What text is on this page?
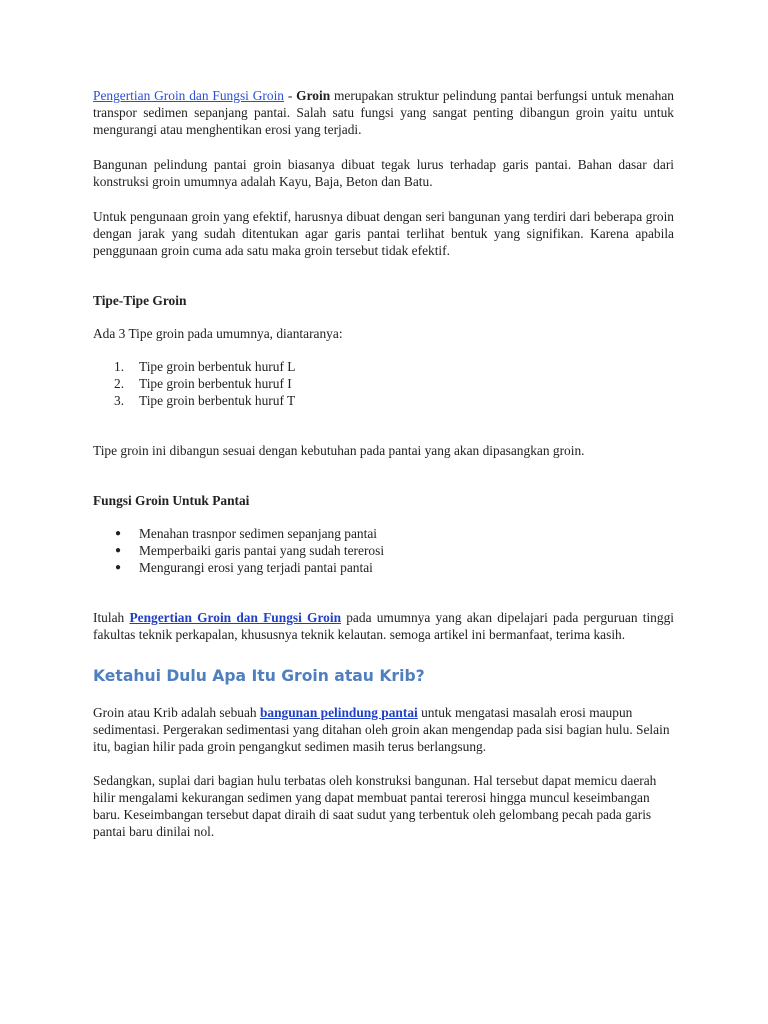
Pengertian Groin dan Fungsi Groin - Groin merupakan struktur pelindung pantai berfungsi untuk menahan transpor sedimen sepanjang pantai. Salah satu fungsi yang sangat penting dibangun groin yaitu untuk mengurangi atau menghentikan erosi yang terjadi.

Bangunan pelindung pantai groin biasanya dibuat tegak lurus terhadap garis pantai. Bahan dasar dari konstruksi groin umumnya adalah Kayu, Baja, Beton dan Batu.

Untuk pengunaan groin yang efektif, harusnya dibuat dengan seri bangunan yang terdiri dari beberapa groin dengan jarak yang sudah ditentukan agar garis pantai terlihat bentuk yang signifikan. Karena apabila penggunaan groin cuma ada satu maka groin tersebut tidak efektif.

Tipe-Tipe Groin

Ada 3 Tipe groin pada umumnya, diantaranya:

1.	Tipe groin berbentuk huruf L
2.	Tipe groin berbentuk huruf I
3.	Tipe groin berbentuk huruf T

Tipe groin ini dibangun sesuai dengan kebutuhan pada pantai yang akan dipasangkan groin.

Fungsi Groin Untuk Pantai

● Menahan trasnpor sedimen sepanjang pantai
● Memperbaiki garis pantai yang sudah tererosi
● Mengurangi erosi yang terjadi pantai pantai

Itulah Pengertian Groin dan Fungsi Groin pada umumnya yang akan dipelajari pada perguruan tinggi fakultas teknik perkapalan, khususnya teknik kelautan. semoga artikel ini bermanfaat, terima kasih.

Ketahui Dulu Apa Itu Groin atau Krib?

Groin atau Krib adalah sebuah bangunan pelindung pantai untuk mengatasi masalah erosi maupun sedimentasi. Pergerakan sedimentasi yang ditahan oleh groin akan mengendap pada sisi bagian hulu. Selain itu, bagian hilir pada groin pengangkut sedimen masih terus berlangsung.

Sedangkan, suplai dari bagian hulu terbatas oleh konstruksi bangunan. Hal tersebut dapat memicu daerah hilir mengalami kekurangan sedimen yang dapat membuat pantai tererosi hingga muncul keseimbangan baru. Keseimbangan tersebut dapat diraih di saat sudut yang terbentuk oleh gelombang pecah pada garis pantai baru dinilai nol.
